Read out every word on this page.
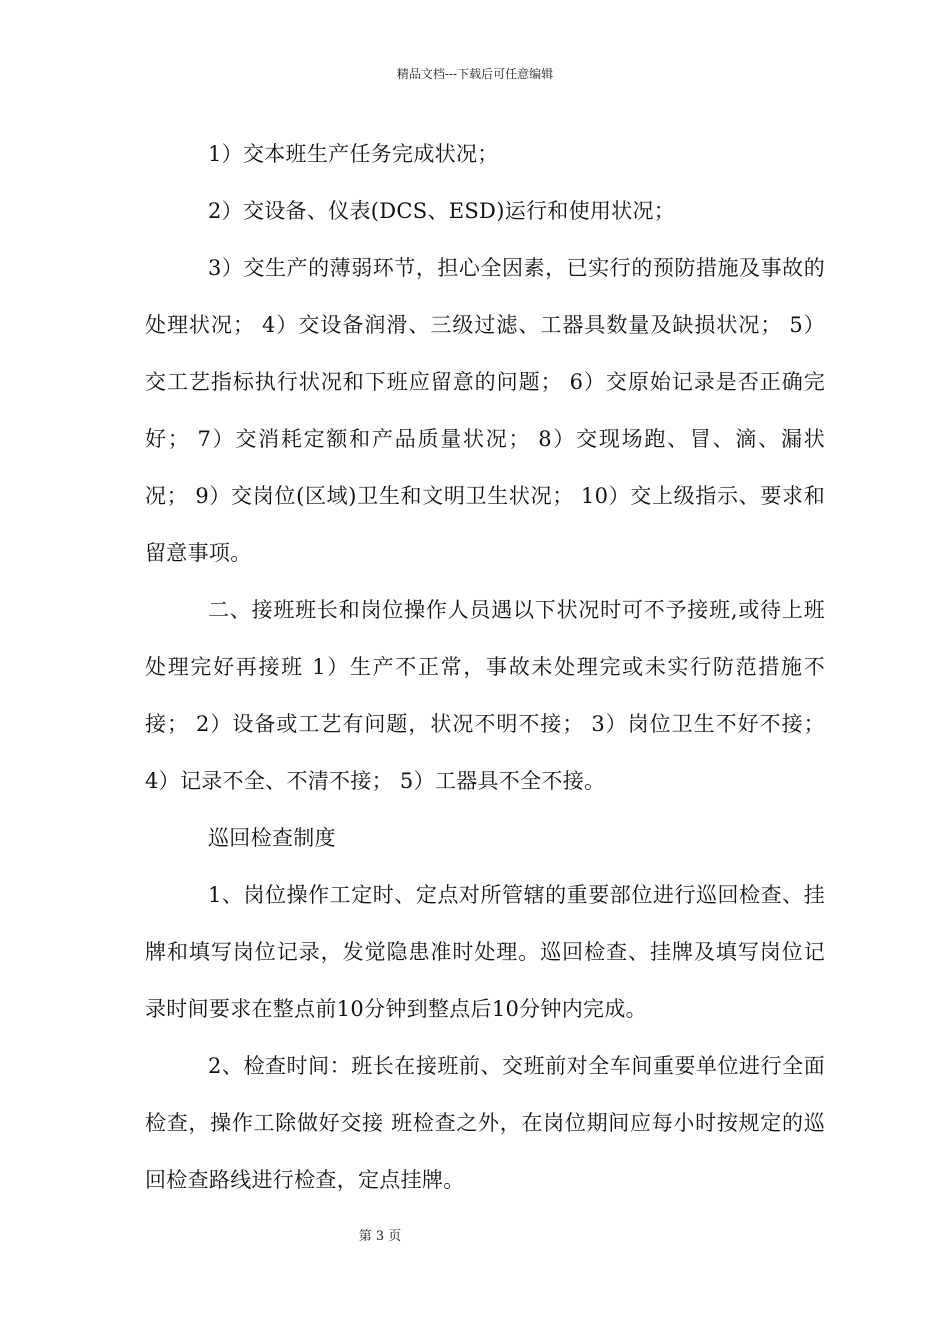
精品文档---下载后可任意编辑

1）交本班生产任务完成状况；

2）交设备、仪表(DCS、ESD)运行和使用状况；

3）交生产的薄弱环节，担心全因素，已实行的预防措施及事故的处理状况； 4）交设备润滑、三级过滤、工器具数量及缺损状况； 5）交工艺指标执行状况和下班应留意的问题； 6）交原始记录是否正确完好； 7）交消耗定额和产品质量状况； 8）交现场跑、冒、滴、漏状况； 9）交岗位(区域)卫生和文明卫生状况； 10）交上级指示、要求和留意事项。

二、接班班长和岗位操作人员遇以下状况时可不予接班,或待上班处理完好再接班 1）生产不正常，事故未处理完或未实行防范措施不接； 2）设备或工艺有问题，状况不明不接； 3）岗位卫生不好不接； 4）记录不全、不清不接； 5）工器具不全不接。

巡回检查制度

1、岗位操作工定时、定点对所管辖的重要部位进行巡回检查、挂牌和填写岗位记录，发觉隐患准时处理。巡回检查、挂牌及填写岗位记录时间要求在整点前10分钟到整点后10分钟内完成。

2、检查时间：班长在接班前、交班前对全车间重要单位进行全面检查，操作工除做好交接 班检查之外，在岗位期间应每小时按规定的巡回检查路线进行检查，定点挂牌。

第 3 页
